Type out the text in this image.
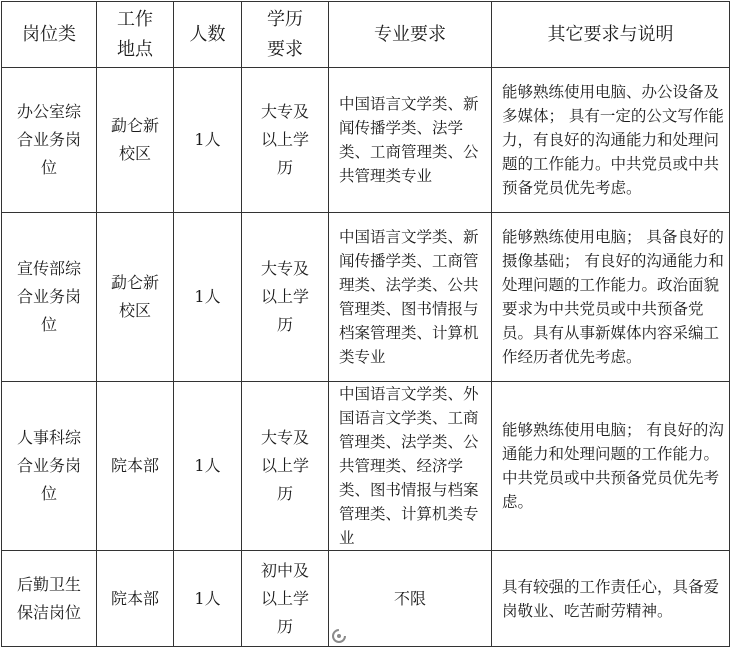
岗位类	工作地点	人数	学历要求	专业要求	其它要求与说明

办公室综合业务岗位	勐仑新校区	1人	大专及以上学历	中国语言文学类、新闻传播学类、法学类、工商管理类、公共管理类专业	能够熟练使用电脑、办公设备及多媒体； 具有一定的公文写作能力，有良好的沟通能力和处理问题的工作能力。中共党员或中共预备党员优先考虑。

宣传部综合业务岗位	勐仑新校区	1人	大专及以上学历	中国语言文学类、新闻传播学类、工商管理类、法学类、公共管理类、图书情报与档案管理类、计算机类专业	能够熟练使用电脑； 具备良好的摄像基础； 有良好的沟通能力和处理问题的工作能力。政治面貌要求为中共党员或中共预备党员。具有从事新媒体内容采编工作经历者优先考虑。

人事科综合业务岗位	院本部	1人	大专及以上学历	中国语言文学类、外国语言文学类、工商管理类、法学类、公共管理类、经济学类、图书情报与档案管理类、计算机类专业	能够熟练使用电脑； 有良好的沟通能力和处理问题的工作能力。中共党员或中共预备党员优先考虑。

后勤卫生保洁岗位	院本部	1人	初中及以上学历	不限	具有较强的工作责任心，具备爱岗敬业、吃苦耐劳精神。
